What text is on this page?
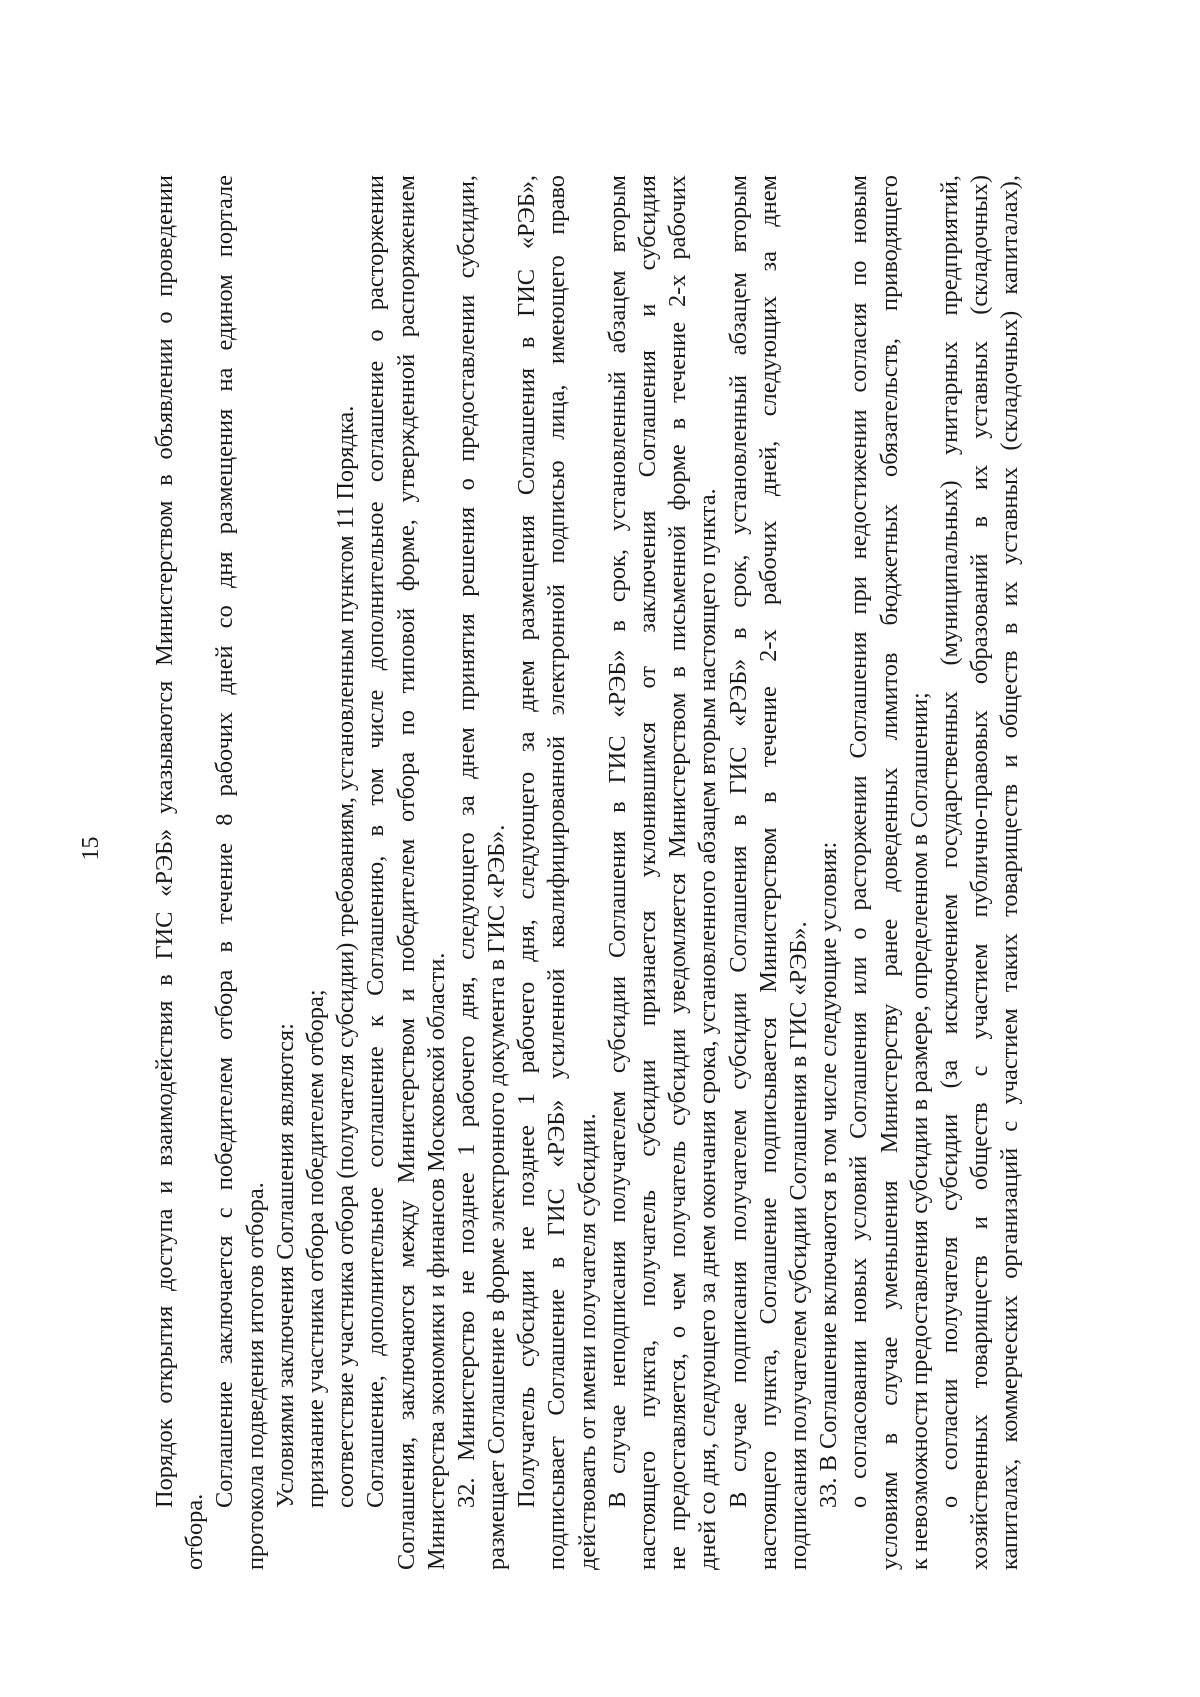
15 Порядок открытия доступа и взаимодействия в ГИС «РЭБ» указываются Министерством в объявлении о проведении
отбора.
Соглашение заключается с победителем отбора в течение 8 рабочих дней со дня размещения на едином портале протокола подведения итогов отбора. Условиями заключения Соглашения являются: признание участника отбора победителем отбора; соответствие участника отбора (получателя субсидии) требованиям, установленным пунктом 11 Порядка. Соглашение, дополнительное соглашение к Соглашению, в том числе дополнительное соглашение о расторжении Соглашения, заключаются между Министерством и победителем отбора по типовой форме, утвержденной распоряжением Министерства экономики и финансов Московской области. 32. Министерство не позднее 1 рабочего дня, следующего за днем принятия решения о предоставлении субсидии, размещает Соглашение в форме электронного документа в ГИС «РЭБ». Получатель субсидии не позднее 1 рабочего дня, следующего за днем размещения Соглашения в ГИС «РЭБ», подписывает Соглашение в ГИС «РЭБ» усиленной квалифицированной электронной подписью лица, имеющего право действовать от имени получателя субсидии. В случае неподписания получателем субсидии Соглашения в ГИС «РЭБ» в срок, установленный абзацем вторым настоящего пункта, получатель субсидии признается уклонившимся от заключения Соглашения и субсидия не предоставляется, о чем получатель субсидии уведомляется Министерством в письменной форме в течение 2-х рабочих дней со дня, следующего за днем окончания срока, установленного абзацем вторым настоящего пункта. В случае подписания получателем субсидии Соглашения в ГИС «РЭБ» в срок, установленный абзацем вторым настоящего пункта, Соглашение подписывается Министерством в течение 2-х рабочих дней, следующих за днем подписания получателем субсидии Соглашения в ГИС «РЭБ». 33. В Соглашение включаются в том числе следующие условия: о согласовании новых условий Соглашения или о расторжении Соглашения при недостижении согласия по новым условиям в случае уменьшения Министерству ранее доведенных лимитов бюджетных обязательств, приводящего к невозможности предоставления субсидии в размере, определенном в Соглашении; о согласии получателя субсидии (за исключением государственных (муниципальных) унитарных предприятий, хозяйственных товариществ и обществ с участием публично-правовых образований в их уставных (складочных) капиталах, коммерческих организаций с участием таких товариществ и обществ в их уставных (складочных) капиталах),
